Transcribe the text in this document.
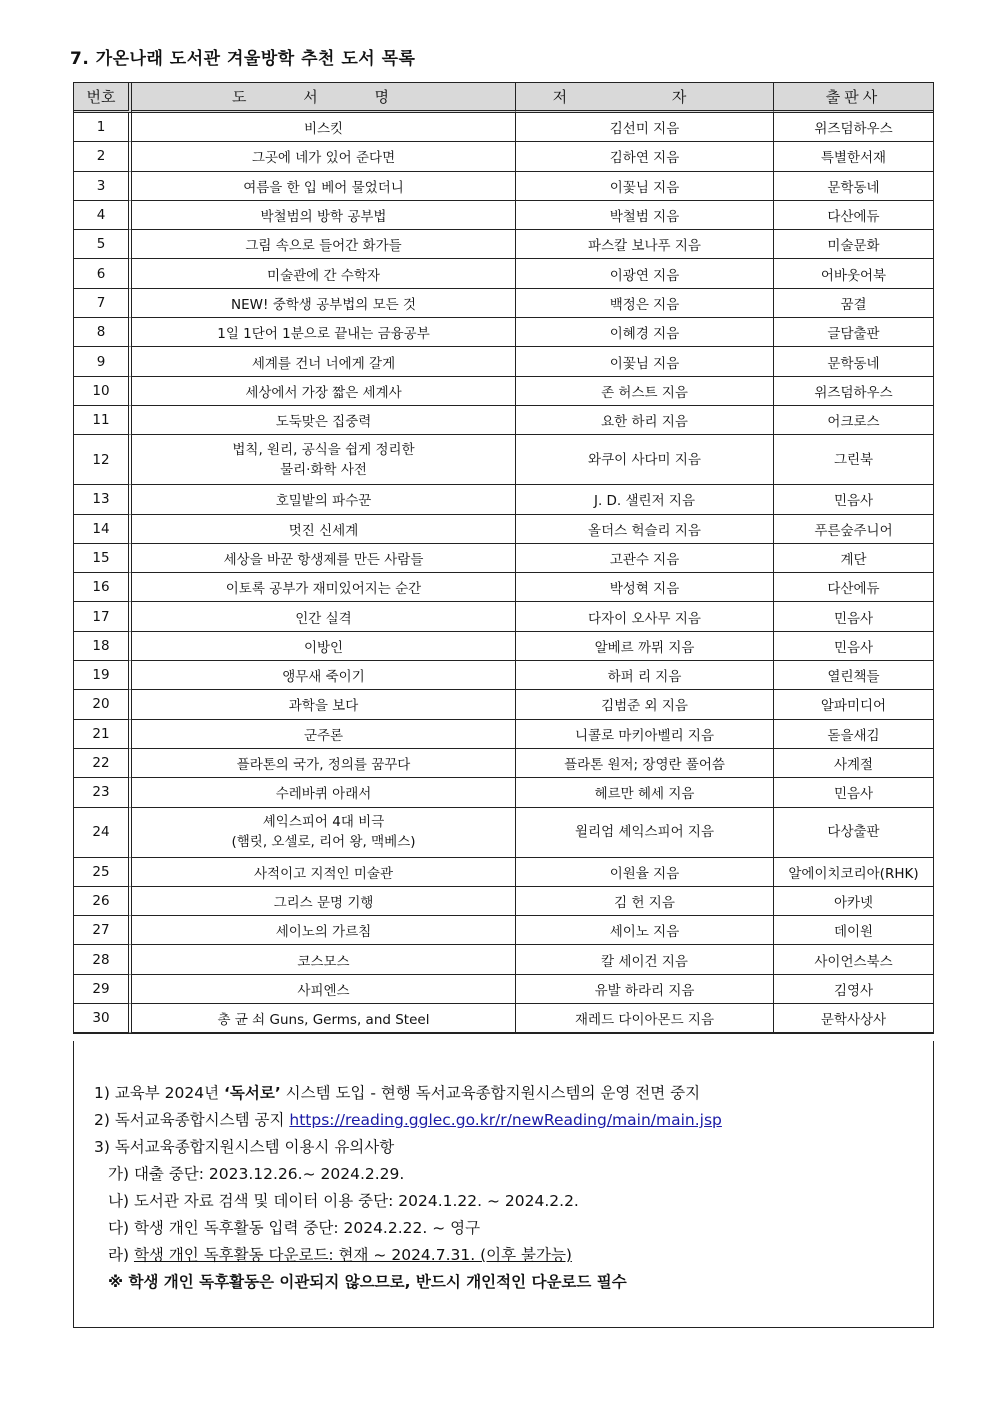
7. 가온나래 도서관 겨울방학 추천 도서 목록
번호	도 서 명	저 자	출판사
1	비스킷	김선미 지음	위즈덤하우스
2	그곳에 네가 있어 준다면	김하연 지음	특별한서재
3	여름을 한 입 베어 물었더니	이꽃님 지음	문학동네
4	박철범의 방학 공부법	박철범 지음	다산에듀
5	그림 속으로 들어간 화가들	파스칼 보나푸 지음	미술문화
6	미술관에 간 수학자	이광연 지음	어바웃어북
7	NEW! 중학생 공부법의 모든 것	백정은 지음	꿈결
8	1일 1단어 1분으로 끝내는 금융공부	이혜경 지음	글담출판
9	세계를 건너 너에게 갈게	이꽃님 지음	문학동네
10	세상에서 가장 짧은 세계사	존 허스트 지음	위즈덤하우스
11	도둑맞은 집중력	요한 하리 지음	어크로스
12	법칙, 원리, 공식을 쉽게 정리한
물리·화학 사전	와쿠이 사다미 지음	그린북
13	호밀밭의 파수꾼	J. D. 샐린저 지음	민음사
14	멋진 신세계	올더스 헉슬리 지음	푸른숲주니어
15	세상을 바꾼 항생제를 만든 사람들	고관수 지음	계단
16	이토록 공부가 재미있어지는 순간	박성혁 지음	다산에듀
17	인간 실격	다자이 오사무 지음	민음사
18	이방인	알베르 까뮈 지음	민음사
19	앵무새 죽이기	하퍼 리 지음	열린책들
20	과학을 보다	김범준 외 지음	알파미디어
21	군주론	니콜로 마키아벨리 지음	돋을새김
22	플라톤의 국가, 정의를 꿈꾸다	플라톤 원저; 장영란 풀어씀	사계절
23	수레바퀴 아래서	헤르만 헤세 지음	민음사
24	셰익스피어 4대 비극
(햄릿, 오셀로, 리어 왕, 맥베스)	윌리엄 셰익스피어 지음	다상출판
25	사적이고 지적인 미술관	이원율 지음	알에이치코리아(RHK)
26	그리스 문명 기행	김 헌 지음	아카넷
27	세이노의 가르침	세이노 지음	데이원
28	코스모스	칼 세이건 지음	사이언스북스
29	사피엔스	유발 하라리 지음	김영사
30	총 균 쇠 Guns, Germs, and Steel	재레드 다이아몬드 지음	문학사상사
1) 교육부 2024년 ‘독서로’ 시스템 도입 - 현행 독서교육종합지원시스템의 운영 전면 중지
2) 독서교육종합시스템 공지 https://reading.gglec.go.kr/r/newReading/main/main.jsp
3) 독서교육종합지원시스템 이용시 유의사항
가) 대출 중단: 2023.12.26.~ 2024.2.29.
나) 도서관 자료 검색 및 데이터 이용 중단: 2024.1.22. ~ 2024.2.2.
다) 학생 개인 독후활동 입력 중단: 2024.2.22. ~ 영구
라) 학생 개인 독후활동 다운로드: 현재 ~ 2024.7.31. (이후 불가능)
※ 학생 개인 독후활동은 이관되지 않으므로, 반드시 개인적인 다운로드 필수
